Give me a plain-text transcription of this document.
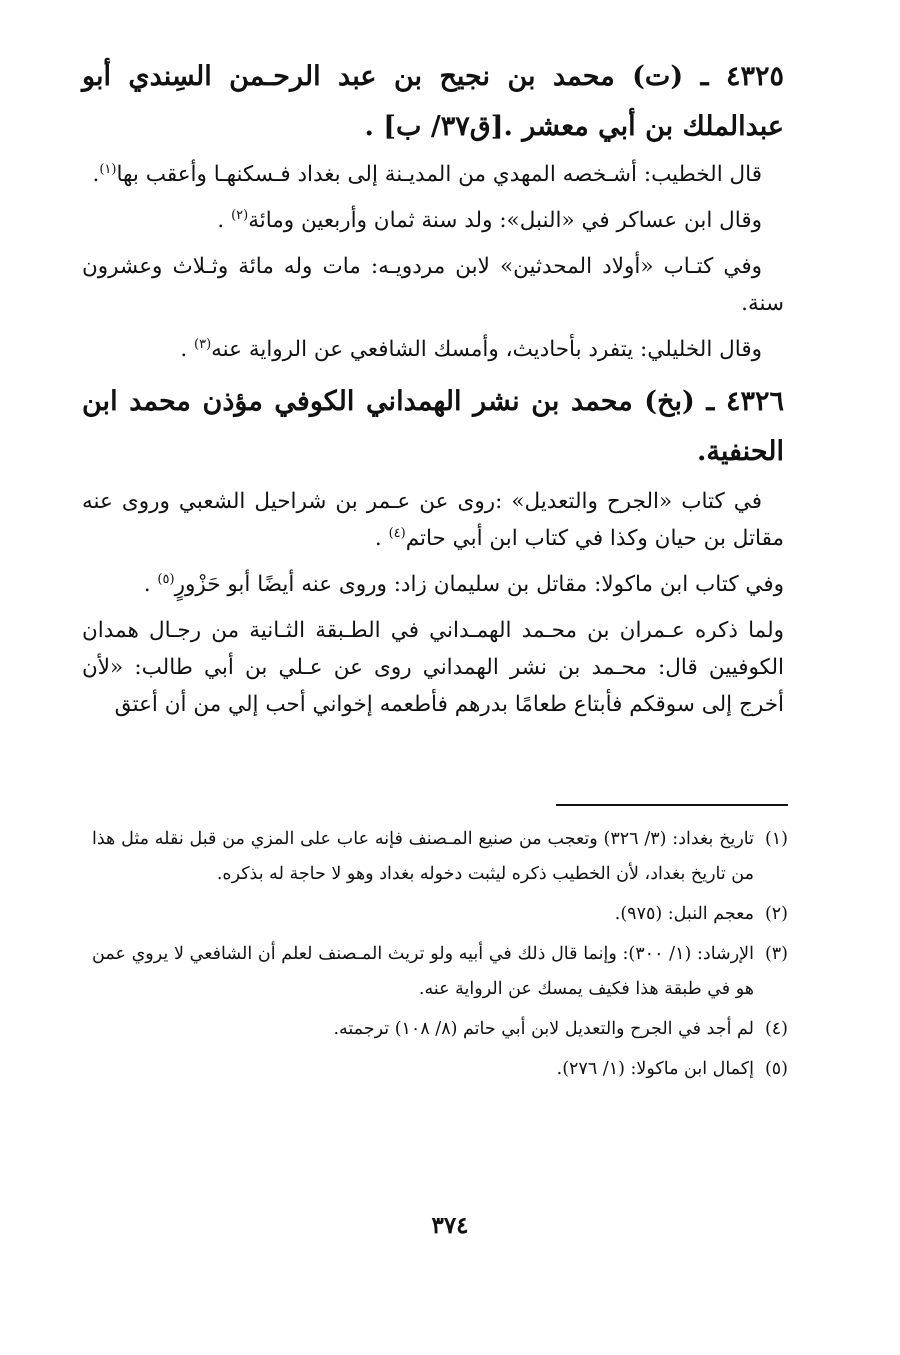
٤٣٢٥ ـ (ت) محمد بن نجيح بن عبد الرحـمن السِندي أبو عبدالملك بن أبي معشر .[ق٣٧/ ب] .

قال الخطيب: أشـخصه المهدي من المديـنة إلى بغداد فـسكنهـا وأعقب بها$^{(١)}$.

وقال ابن عساكر في «النبل»: ولد سنة ثمان وأربعين ومائة$^{(٢)}$ .

وفي كتـاب «أولاد المحدثين» لابن مردويـه: مات وله مائة وثـلاث وعشرون سنة.

وقال الخليلي: يتفرد بأحاديث، وأمسك الشافعي عن الرواية عنه$^{(٣)}$ .

٤٣٢٦ ـ (بخ) محمد بن نشر الهمداني الكوفي مؤذن محمد ابن الحنفية.

في كتاب «الجرح والتعديل» :روى عن عـمر بن شراحيل الشعبي وروى عنه مقاتل بن حيان وكذا في كتاب ابن أبي حاتم$^{(٤)}$ .

وفي كتاب ابن ماكولا: مقاتل بن سليمان زاد: وروى عنه أيضًا أبو حَزْورٍ$^{(٥)}$ .

ولما ذكره عـمران بن محـمد الهمـداني في الطـبقة الثـانية من رجـال همدان الكوفيين قال: محـمد بن نشر الهمداني روى عن عـلي بن أبي طالب: «لأن أخرج إلى سوقكم فأبتاع طعامًا بدرهم فأطعمه إخواني أحب إلي من أن أعتق

(١)
تاريخ بغداد: (٣/ ٣٢٦) وتعجب من صنيع المـصنف فإنه عاب على المزي من قبل نقله مثل هذا من تاريخ بغداد، لأن الخطيب ذكره ليثبت دخوله بغداد وهو لا حاجة له بذكره.
(٢)
معجم النبل: (٩٧٥).
(٣)
الإرشاد: (١/ ٣٠٠): وإنما قال ذلك في أبيه ولو تريث المـصنف لعلم أن الشافعي لا يروي عمن هو في طبقة هذا فكيف يمسك عن الرواية عنه.
(٤)
لم أجد في الجرح والتعديل لابن أبي حاتم (٨/ ١٠٨) ترجمته.
(٥)
إكمال ابن ماكولا: (١/ ٢٧٦).
٣٧٤
